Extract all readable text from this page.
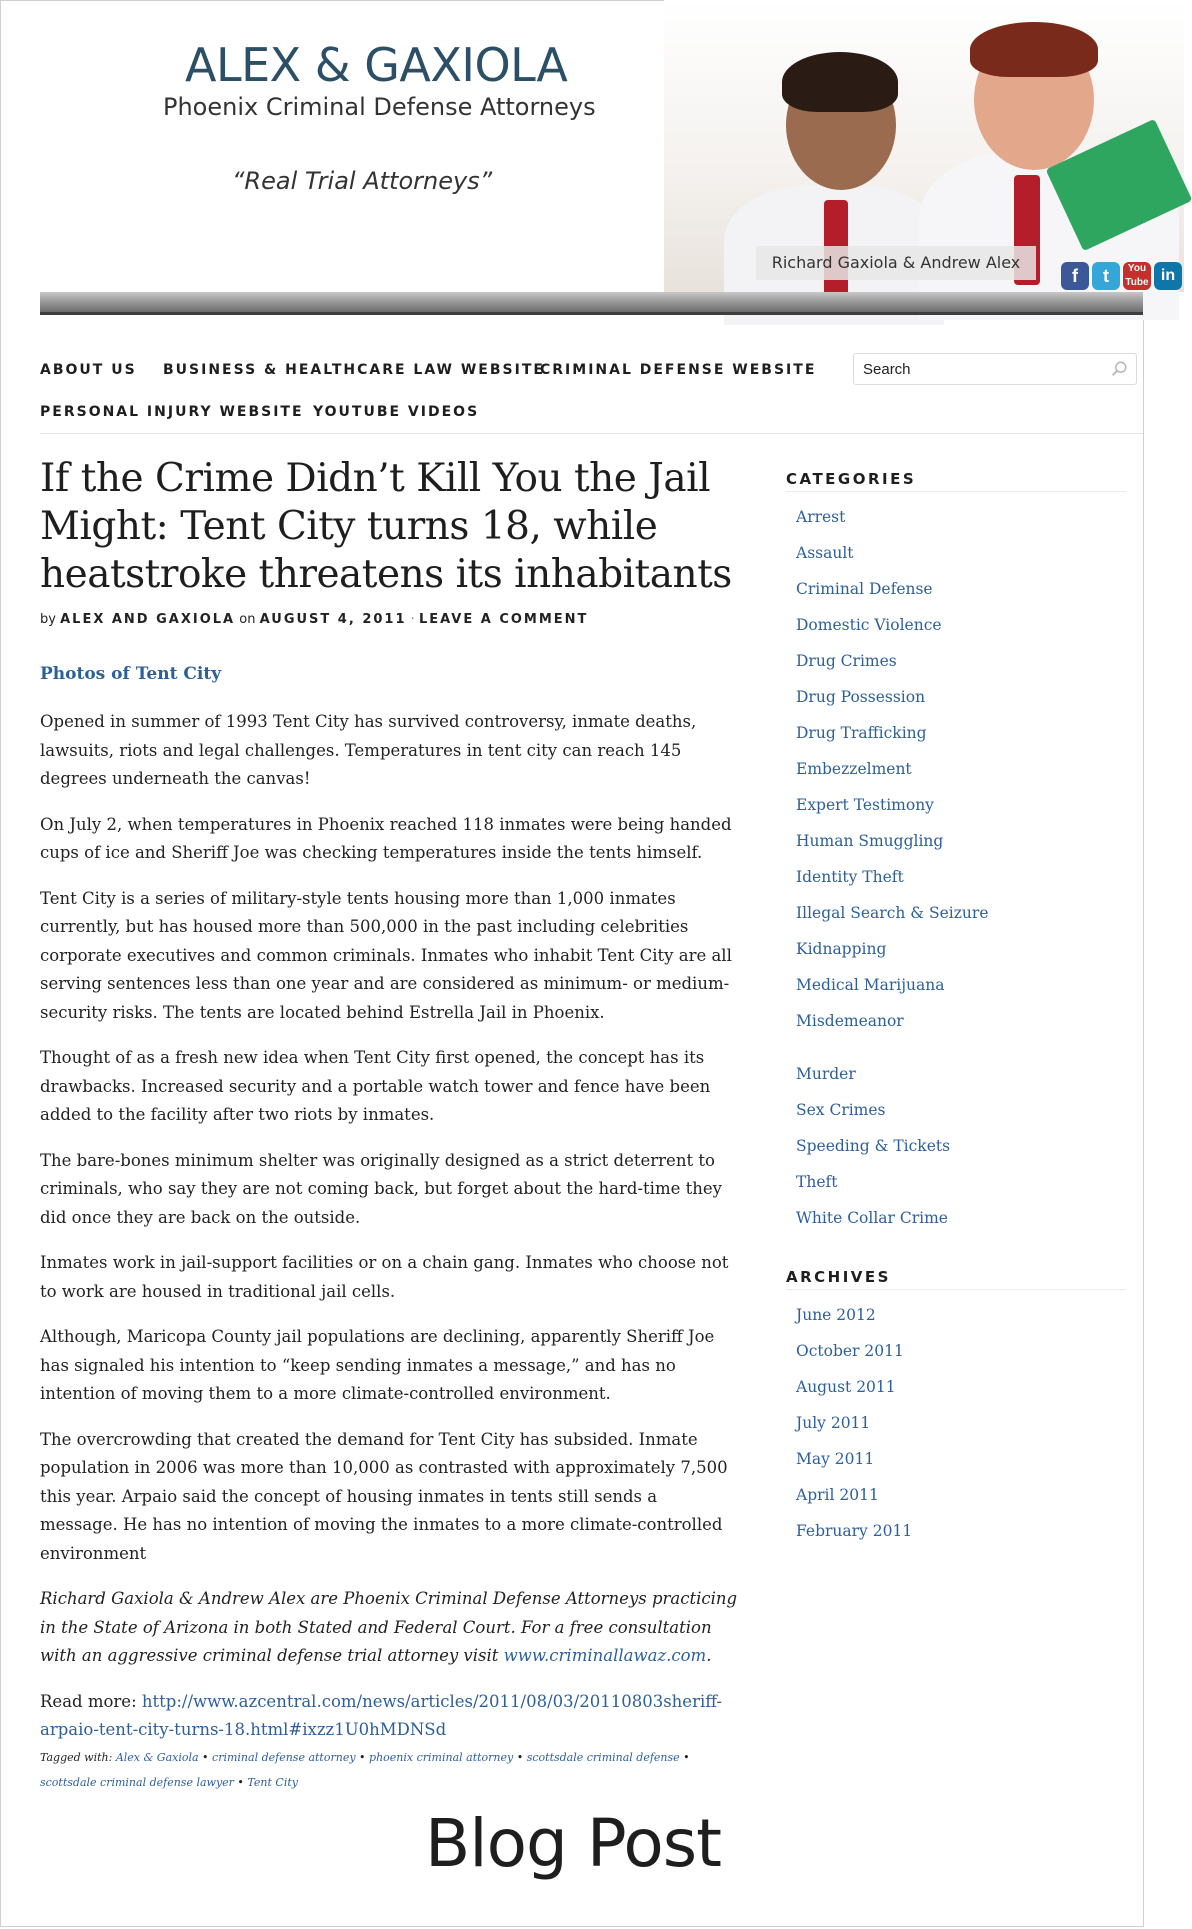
ALEX & GAXIOLA
Phoenix Criminal Defense Attorneys
“Real Trial Attorneys”
Richard Gaxiola & Andrew Alex
f	t	You Tube in
ABOUT US BUSINESS & HEALTHCARE LAW WEBSITE
CRIMINAL DEFENSE WEBSITE
PERSONAL INJURY WEBSITE YOUTUBE VIDEOS
Search
If the Crime Didn’t Kill You the Jail Might: Tent City turns 18, while heatstroke threatens its inhabitants
by ALEX AND GAXIOLA on AUGUST 4, 2011 · LEAVE A COMMENT
Photos of Tent City

Opened in summer of 1993 Tent City has survived controversy, inmate deaths, lawsuits, riots and legal challenges. Temperatures in tent city can reach 145 degrees underneath the canvas!

On July 2, when temperatures in Phoenix reached 118 inmates were being handed cups of ice and Sheriff Joe was checking temperatures inside the tents himself.

Tent City is a series of military-style tents housing more than 1,000 inmates currently, but has housed more than 500,000 in the past including celebrities corporate executives and common criminals. Inmates who inhabit Tent City are all serving sentences less than one year and are considered as minimum- or medium-security risks. The tents are located behind Estrella Jail in Phoenix.

Thought of as a fresh new idea when Tent City first opened, the concept has its drawbacks. Increased security and a portable watch tower and fence have been added to the facility after two riots by inmates.

The bare-bones minimum shelter was originally designed as a strict deterrent to criminals, who say they are not coming back, but forget about the hard-time they did once they are back on the outside.

Inmates work in jail-support facilities or on a chain gang. Inmates who choose not to work are housed in traditional jail cells.

Although, Maricopa County jail populations are declining, apparently Sheriff Joe has signaled his intention to “keep sending inmates a message,” and has no intention of moving them to a more climate-controlled environment.

The overcrowding that created the demand for Tent City has subsided. Inmate population in 2006 was more than 10,000 as contrasted with approximately 7,500 this year. Arpaio said the concept of housing inmates in tents still sends a message. He has no intention of moving the inmates to a more climate-controlled environment

Richard Gaxiola & Andrew Alex are Phoenix Criminal Defense Attorneys practicing in the State of Arizona in both Stated and Federal Court. For a free consultation with an aggressive criminal defense trial attorney visit www.criminallawaz.com.

Read more: http://www.azcentral.com/news/articles/2011/08/03/20110803sheriff-arpaio-tent-city-turns-18.html#ixzz1U0hMDNSd

Tagged with: Alex & Gaxiola • criminal defense attorney • phoenix criminal attorney • scottsdale criminal defense • scottsdale criminal defense lawyer • Tent City
Blog Post
CATEGORIES
Arrest
Assault
Criminal Defense
Domestic Violence
Drug Crimes
Drug Possession
Drug Trafficking
Embezzelment
Expert Testimony
Human Smuggling
Identity Theft
Illegal Search & Seizure
Kidnapping
Medical Marijuana
Misdemeanor
Murder
Sex Crimes
Speeding & Tickets
Theft
White Collar Crime
ARCHIVES
June 2012
October 2011
August 2011
July 2011
May 2011
April 2011
February 2011
